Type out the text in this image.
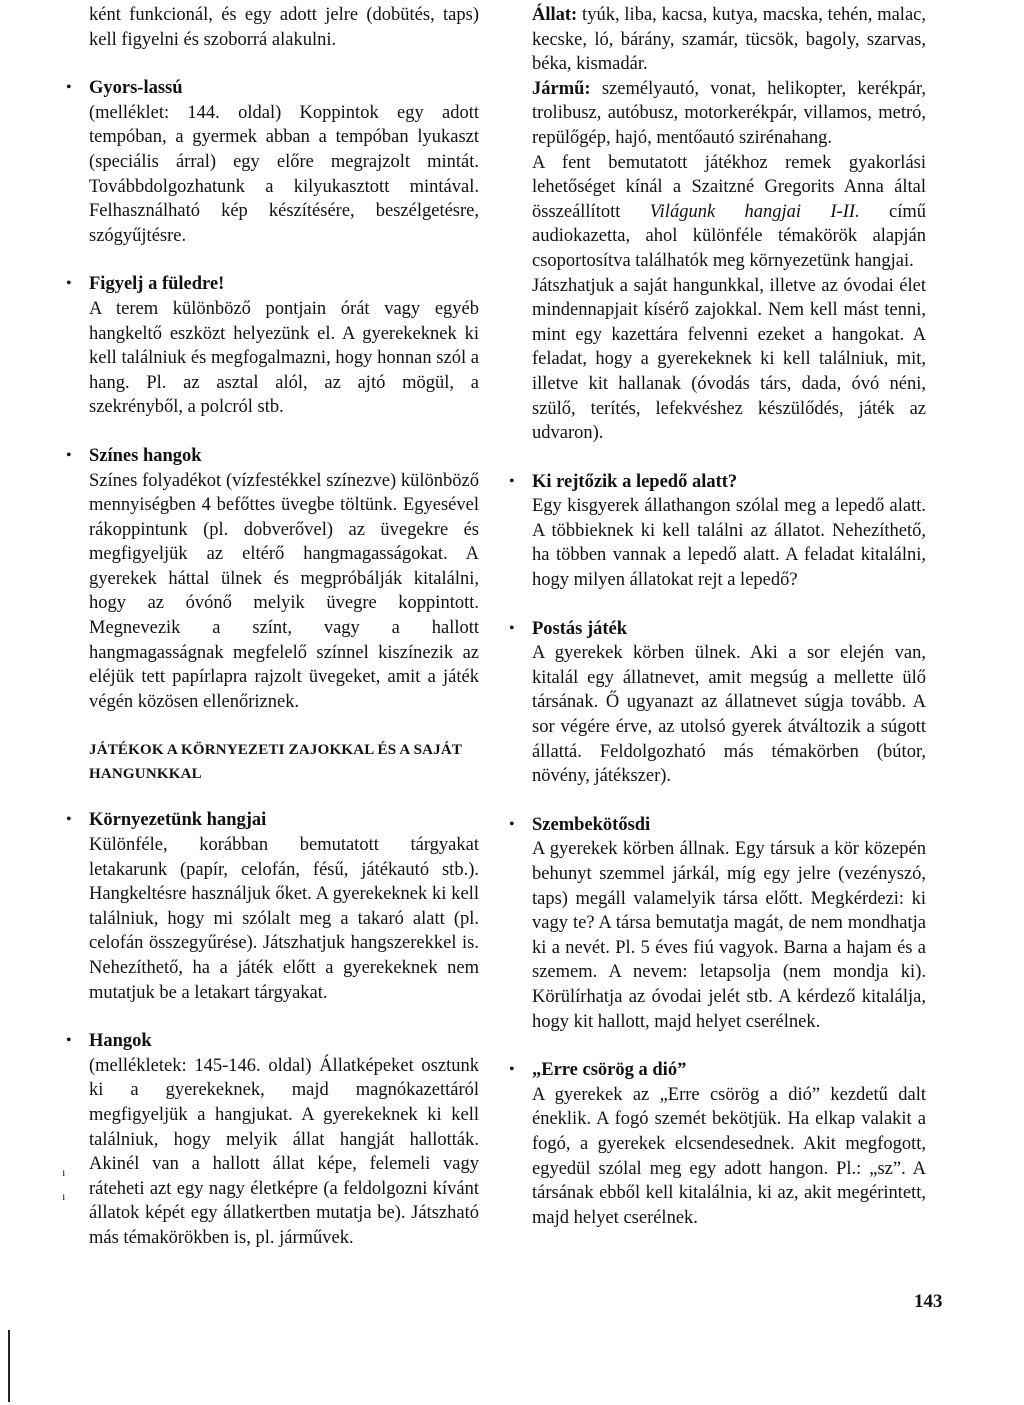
ként funkcionál, és egy adott jelre (dobütés, taps) kell figyelni és szoborrá alakulni.

• Gyors-lassú

(melléklet: 144. oldal) Koppintok egy adott tempóban, a gyermek abban a tempóban lyukaszt (speciális árral) egy előre megrajzolt mintát. Továbbdolgozhatunk a kilyukasztott mintával. Felhasználható kép készítésére, beszélgetésre, szógyűjtésre.

• Figyelj a füledre!

A terem különböző pontjain órát vagy egyéb hangkeltő eszközt helyezünk el. A gyerekeknek ki kell találniuk és megfogalmazni, hogy honnan szól a hang. Pl. az asztal alól, az ajtó mögül, a szekrényből, a polcról stb.

• Színes hangok

Színes folyadékot (vízfestékkel színezve) különböző mennyiségben 4 befőttes üvegbe töltünk. Egyesével rákoppintunk (pl. dobverővel) az üvegekre és megfigyeljük az eltérő hangmagasságokat. A gyerekek háttal ülnek és megpróbálják kitalálni, hogy az óvónő melyik üvegre koppintott. Megnevezik a színt, vagy a hallott hangmagasságnak megfelelő színnel kiszínezik az eléjük tett papírlapra rajzolt üvegeket, amit a játék végén közösen ellenőriznek.

JÁTÉKOK A KÖRNYEZETI ZAJOKKAL ÉS A SAJÁT HANGUNKKAL

• Környezetünk hangjai

Különféle, korábban bemutatott tárgyakat letakarunk (papír, celofán, fésű, játékautó stb.). Hangkeltésre használjuk őket. A gyerekeknek ki kell találniuk, hogy mi szólalt meg a takaró alatt (pl. celofán összegyűrése). Játszhatjuk hangszerekkel is. Nehezíthető, ha a játék előtt a gyerekeknek nem mutatjuk be a letakart tárgyakat.

• Hangok

(mellékletek: 145-146. oldal) Állatképeket osztunk ki a gyerekeknek, majd magnókazettáról megfigyeljük a hangjukat. A gyerekeknek ki kell találniuk, hogy melyik állat hangját hallották. Akinél van a hallott állat képe, felemeli vagy ráteheti azt egy nagy életképre (a feldolgozni kívánt állatok képét egy állatkertben mutatja be). Játszható más témakörökben is, pl. járművek.

Állat: tyúk, liba, kacsa, kutya, macska, tehén, malac, kecske, ló, bárány, szamár, tücsök, bagoly, szarvas, béka, kismadár.

Jármű: személyautó, vonat, helikopter, kerékpár, trolibusz, autóbusz, motorkerékpár, villamos, metró, repülőgép, hajó, mentőautó szirénahang.

A fent bemutatott játékhoz remek gyakorlási lehetőséget kínál a Szaitzné Gregorits Anna által összeállított Világunk hangjai I-II. című audiokazetta, ahol különféle témakörök alapján csoportosítva találhatók meg környezetünk hangjai.

Játszhatjuk a saját hangunkkal, illetve az óvodai élet mindennapjait kísérő zajokkal. Nem kell mást tenni, mint egy kazettára felvenni ezeket a hangokat. A feladat, hogy a gyerekeknek ki kell találniuk, mit, illetve kit hallanak (óvodás társ, dada, óvó néni, szülő, terítés, lefekvéshez készülődés, játék az udvaron).

• Ki rejtőzik a lepedő alatt?

Egy kisgyerek állathangon szólal meg a lepedő alatt. A többieknek ki kell találni az állatot. Nehezíthető, ha többen vannak a lepedő alatt. A feladat kitalálni, hogy milyen állatokat rejt a lepedő?

• Postás játék

A gyerekek körben ülnek. Aki a sor elején van, kitalál egy állatnevet, amit megsúg a mellette ülő társának. Ő ugyanazt az állatnevet súgja tovább. A sor végére érve, az utolsó gyerek átváltozik a súgott állattá. Feldolgozható más témakörben (bútor, növény, játékszer).

• Szembekötősdi

A gyerekek körben állnak. Egy társuk a kör közepén behunyt szemmel járkál, míg egy jelre (vezényszó, taps) megáll valamelyik társa előtt. Megkérdezi: ki vagy te? A társa bemutatja magát, de nem mondhatja ki a nevét. Pl. 5 éves fiú vagyok. Barna a hajam és a szemem. A nevem: letapsolja (nem mondja ki). Körülírhatja az óvodai jelét stb. A kérdező kitalálja, hogy kit hallott, majd helyet cserélnek.

• „Erre csörög a dió”

A gyerekek az „Erre csörög a dió” kezdetű dalt éneklik. A fogó szemét bekötjük. Ha elkap valakit a fogó, a gyerekek elcsendesednek. Akit megfogott, egyedül szólal meg egy adott hangon. Pl.: „sz”. A társának ebből kell kitalálnia, ki az, akit megérintett, majd helyet cserélnek.

143
ı
ı
